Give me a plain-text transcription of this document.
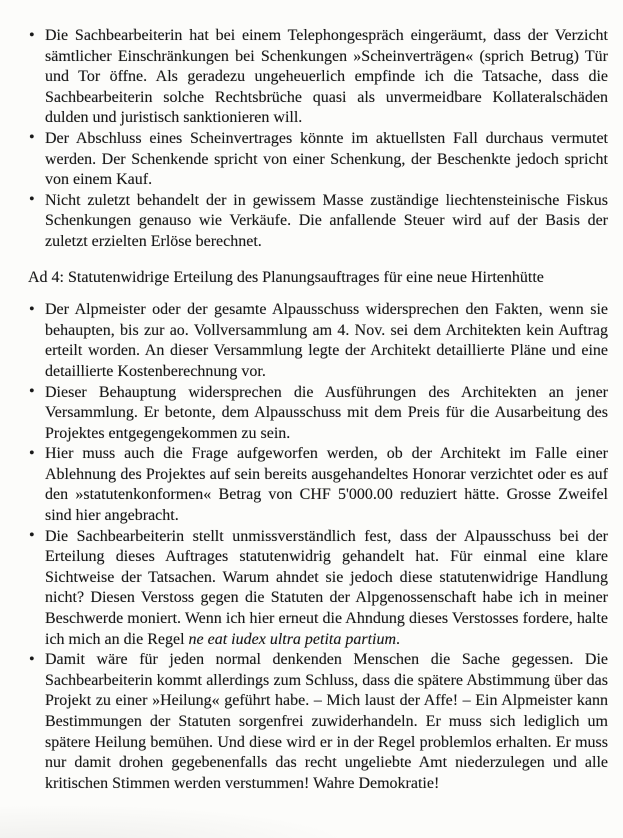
• Die Sachbearbeiterin hat bei einem Telephongespräch eingeräumt, dass der Verzicht sämtlicher Einschränkungen bei Schenkungen »Scheinverträgen« (sprich Betrug) Tür und Tor öffne. Als geradezu ungeheuerlich empfinde ich die Tatsache, dass die Sachbearbeiterin solche Rechtsbrüche quasi als unvermeidbare Kollateralschäden dulden und juristisch sanktionieren will.
• Der Abschluss eines Scheinvertrages könnte im aktuellsten Fall durchaus vermutet werden. Der Schenkende spricht von einer Schenkung, der Beschenkte jedoch spricht von einem Kauf.
• Nicht zuletzt behandelt der in gewissem Masse zuständige liechtensteinische Fiskus Schenkungen genauso wie Verkäufe. Die anfallende Steuer wird auf der Basis der zuletzt erzielten Erlöse berechnet.
Ad 4: Statutenwidrige Erteilung des Planungsauftrages für eine neue Hirtenhütte
• Der Alpmeister oder der gesamte Alpausschuss widersprechen den Fakten, wenn sie behaupten, bis zur ao. Vollversammlung am 4. Nov. sei dem Architekten kein Auftrag erteilt worden. An dieser Versammlung legte der Architekt detaillierte Pläne und eine detaillierte Kostenberechnung vor.
• Dieser Behauptung widersprechen die Ausführungen des Architekten an jener Versammlung. Er betonte, dem Alpausschuss mit dem Preis für die Ausarbeitung des Projektes entgegengekommen zu sein.
• Hier muss auch die Frage aufgeworfen werden, ob der Architekt im Falle einer Ablehnung des Projektes auf sein bereits ausgehandeltes Honorar verzichtet oder es auf den »statutenkonformen« Betrag von CHF 5'000.00 reduziert hätte. Grosse Zweifel sind hier angebracht.
• Die Sachbearbeiterin stellt unmissverständlich fest, dass der Alpausschuss bei der Erteilung dieses Auftrages statutenwidrig gehandelt hat. Für einmal eine klare Sichtweise der Tatsachen. Warum ahndet sie jedoch diese statutenwidrige Handlung nicht? Diesen Verstoss gegen die Statuten der Alpgenossenschaft habe ich in meiner Beschwerde moniert. Wenn ich hier erneut die Ahndung dieses Verstosses fordere, halte ich mich an die Regel ne eat iudex ultra petita partium.
• Damit wäre für jeden normal denkenden Menschen die Sache gegessen. Die Sachbearbeiterin kommt allerdings zum Schluss, dass die spätere Abstimmung über das Projekt zu einer »Heilung« geführt habe. – Mich laust der Affe! – Ein Alpmeister kann Bestimmungen der Statuten sorgenfrei zuwiderhandeln. Er muss sich lediglich um spätere Heilung bemühen. Und diese wird er in der Regel problemlos erhalten. Er muss nur damit drohen gegebenenfalls das recht ungeliebte Amt niederzulegen und alle kritischen Stimmen werden verstummen! Wahre Demokratie!
